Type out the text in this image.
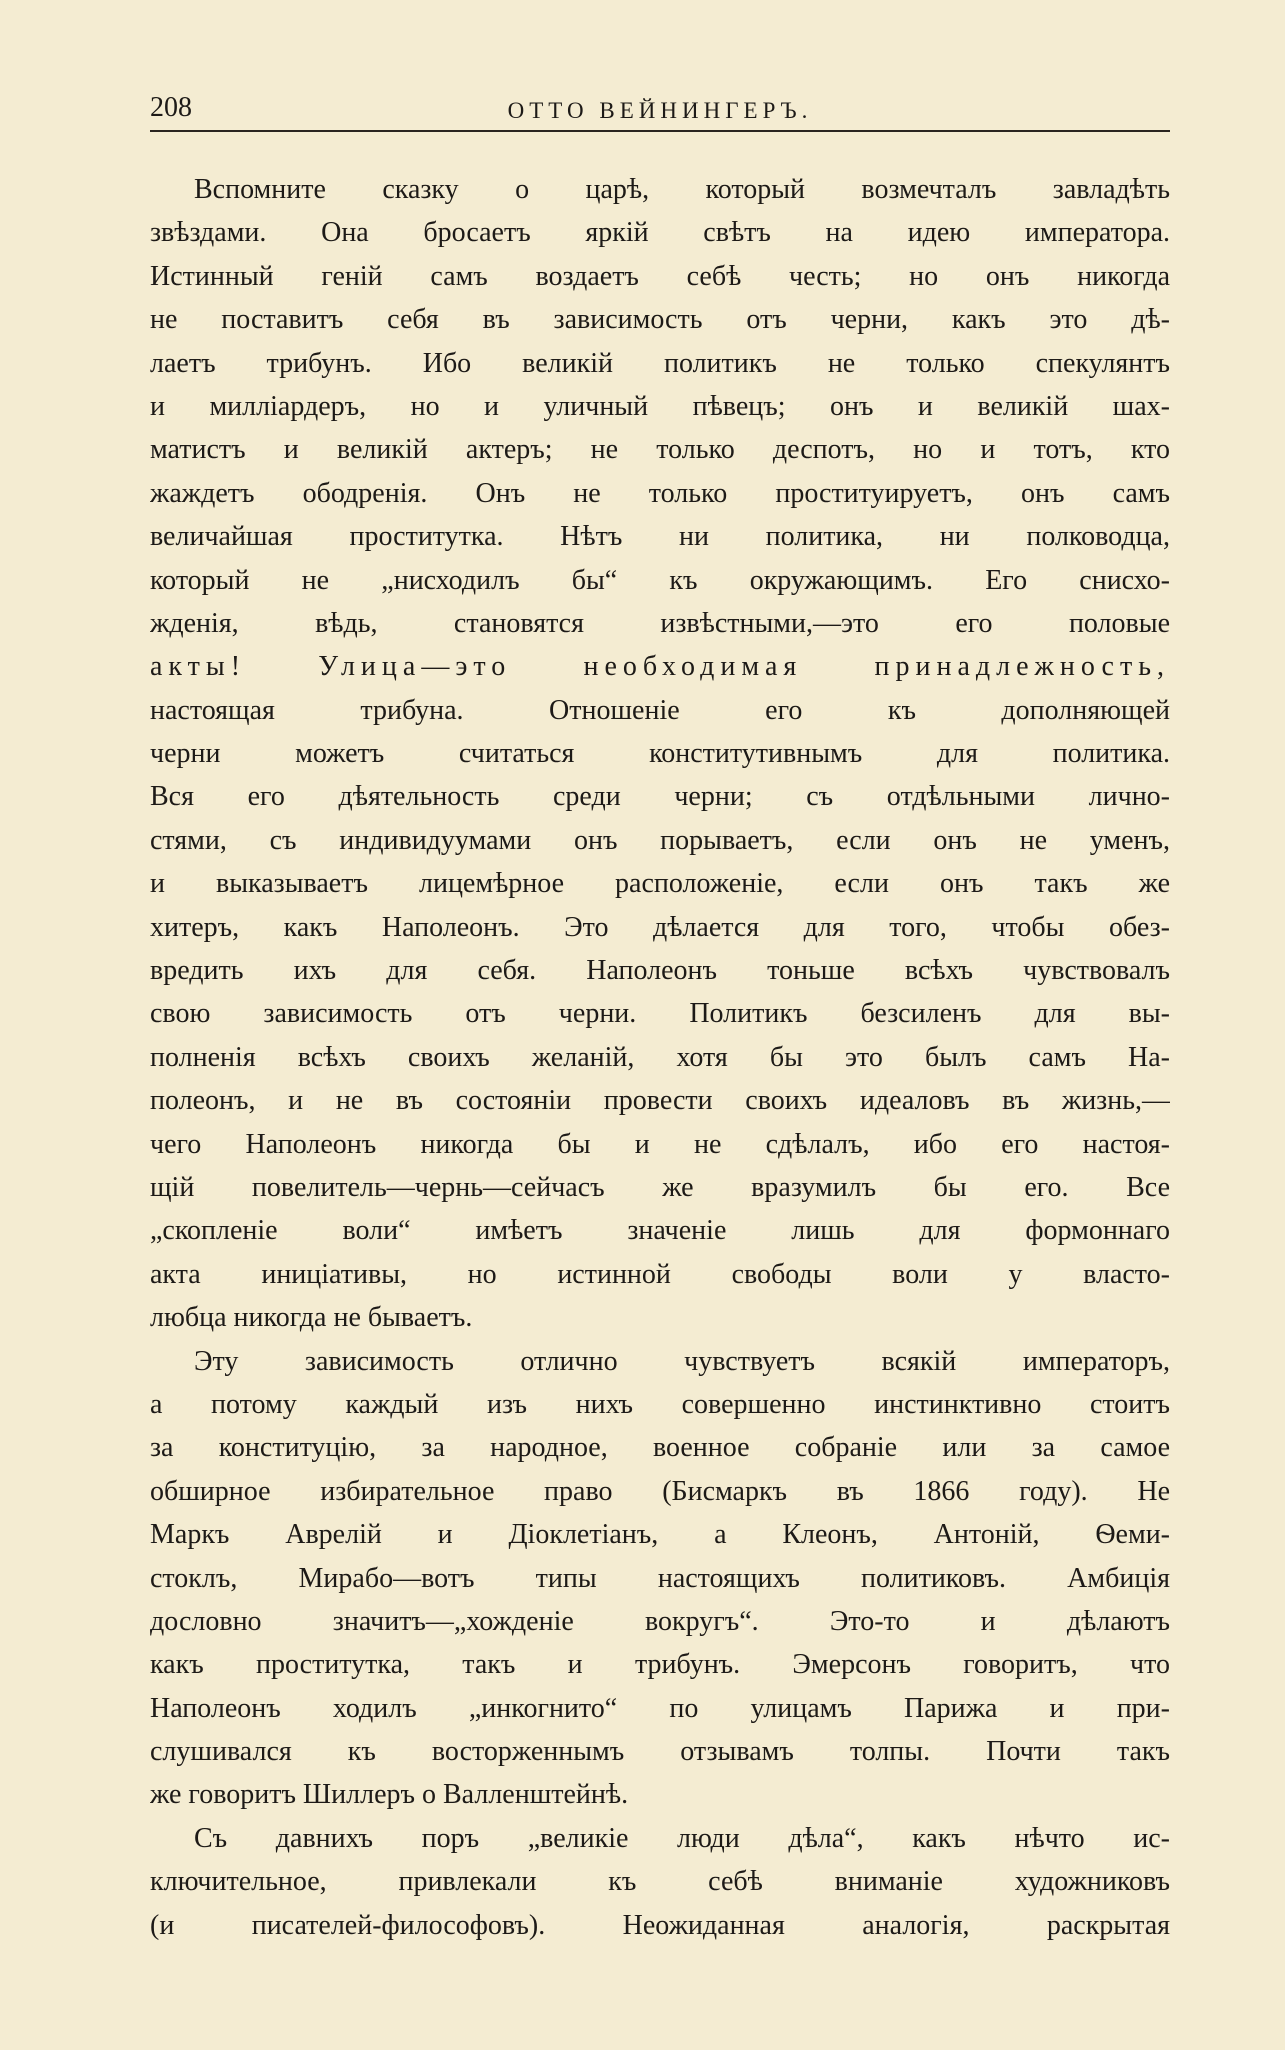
208	ОТТО ВЕЙНИНГЕРЪ.
Вспомните сказку о царѣ, который возмечталъ завладѣть
звѣздами. Она бросаетъ яркій свѣтъ на идею императора.
Истинный геній самъ воздаетъ себѣ честь; но онъ никогда
не поставитъ себя въ зависимость отъ черни, какъ это дѣ-
лаетъ трибунъ. Ибо великій политикъ не только спекулянтъ
и милліардеръ, но и уличный пѣвецъ; онъ и великій шах-
матистъ и великій актеръ; не только деспотъ, но и тотъ, кто
жаждетъ ободренія. Онъ не только проституируетъ, онъ самъ
величайшая проститутка. Нѣтъ ни политика, ни полководца,
который не „нисходилъ бы“ къ окружающимъ. Его снисхо-
жденія, вѣдь, становятся извѣстными,—это его половые
акты! Улица—это необходимая принадлежность,
настоящая трибуна. Отношеніе его къ дополняющей
черни можетъ считаться конститутивнымъ для политика.
Вся его дѣятельность среди черни; съ отдѣльными лично-
стями, съ индивидуумами онъ порываетъ, если онъ не уменъ,
и выказываетъ лицемѣрное расположеніе, если онъ такъ же
хитеръ, какъ Наполеонъ. Это дѣлается для того, чтобы обез-
вредить ихъ для себя. Наполеонъ тоньше всѣхъ чувствовалъ
свою зависимость отъ черни. Политикъ безсиленъ для вы-
полненія всѣхъ своихъ желаній, хотя бы это былъ самъ На-
полеонъ, и не въ состояніи провести своихъ идеаловъ въ жизнь,—
чего Наполеонъ никогда бы и не сдѣлалъ, ибо его настоя-
щій повелитель—чернь—сейчасъ же вразумилъ бы его. Все
„скопленіе воли“ имѣетъ значеніе лишь для формоннаго
акта иниціативы, но истинной свободы воли у власто-
любца никогда не бываетъ.
Эту зависимость отлично чувствуетъ всякій императоръ,
а потому каждый изъ нихъ совершенно инстинктивно стоитъ
за конституцію, за народное, военное собраніе или за самое
обширное избирательное право (Бисмаркъ въ 1866 году). Не
Маркъ Аврелій и Діоклетіанъ, а Клеонъ, Антоній, Ѳеми-
стоклъ, Мирабо—вотъ типы настоящихъ политиковъ. Амбиція
дословно значитъ—„хожденіе вокругъ“. Это-то и дѣлаютъ
какъ проститутка, такъ и трибунъ. Эмерсонъ говоритъ, что
Наполеонъ ходилъ „инкогнито“ по улицамъ Парижа и при-
слушивался къ восторженнымъ отзывамъ толпы. Почти такъ
же говоритъ Шиллеръ о Валленштейнѣ.
Съ давнихъ поръ „великіе люди дѣла“, какъ нѣчто ис-
ключительное, привлекали къ себѣ вниманіе художниковъ
(и писателей-философовъ). Неожиданная аналогія, раскрытая
